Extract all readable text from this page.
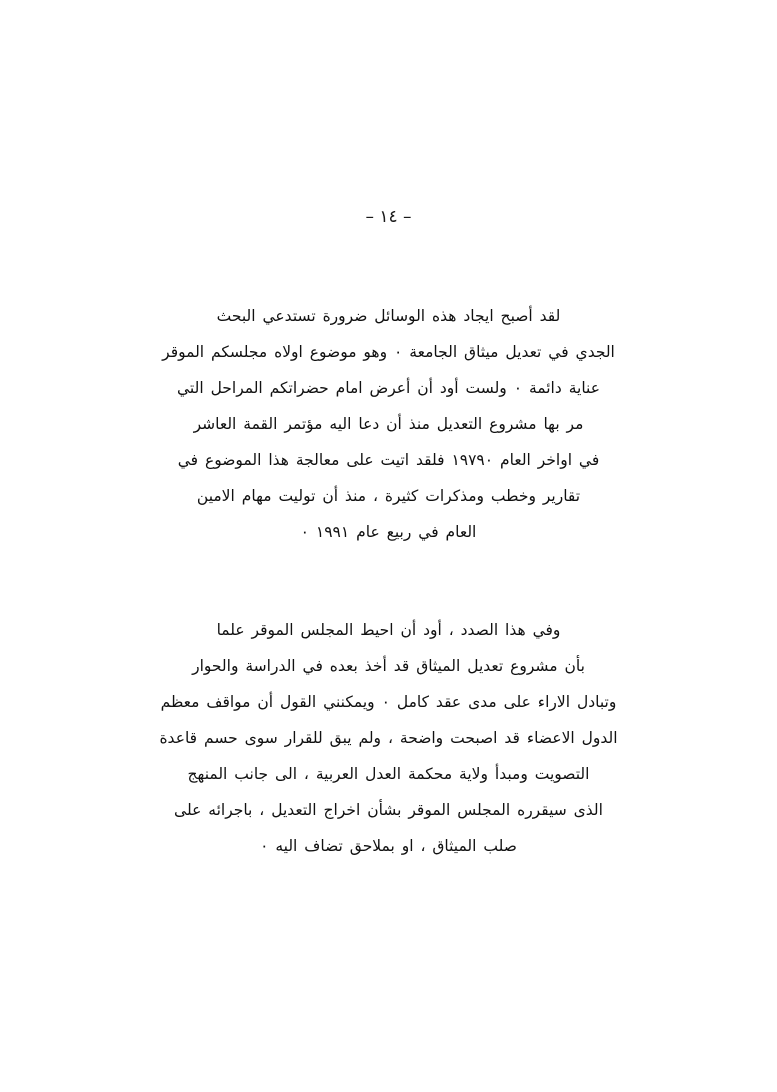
– ١٤ –
لقد أصبح ايجاد هذه الوسائل ضرورة تستدعي البحث
الجدي في تعديل ميثاق الجامعة ٠ وهو موضوع اولاه مجلسكم الموقر
عناية دائمة ٠ ولست أود أن أعرض امام حضراتكم المراحل التي
مر بها مشروع التعديل منذ أن دعا اليه مؤتمر القمة العاشر
في اواخر العام ١٩٧٩٠ فلقد اتيت على معالجة هذا الموضوع في
تقارير وخطب ومذكرات كثيرة ، منذ أن توليت مهام الامين
العام في ربيع عام ١٩٩١ ٠
وفي هذا الصدد ، أود أن احيط المجلس الموقر علما
بأن مشروع تعديل الميثاق قد أخذ بعده في الدراسة والحوار
وتبادل الاراء على مدى عقد كامل ٠ ويمكنني القول أن مواقف معظم
الدول الاعضاء قد اصبحت واضحة ، ولم يبق للقرار سوى حسم قاعدة
التصويت ومبدأ ولاية محكمة العدل العربية ، الى جانب المنهج
الذى سيقرره المجلس الموقر بشأن اخراج التعديل ، باجرائه على
صلب الميثاق ، او بملاحق تضاف اليه ٠
